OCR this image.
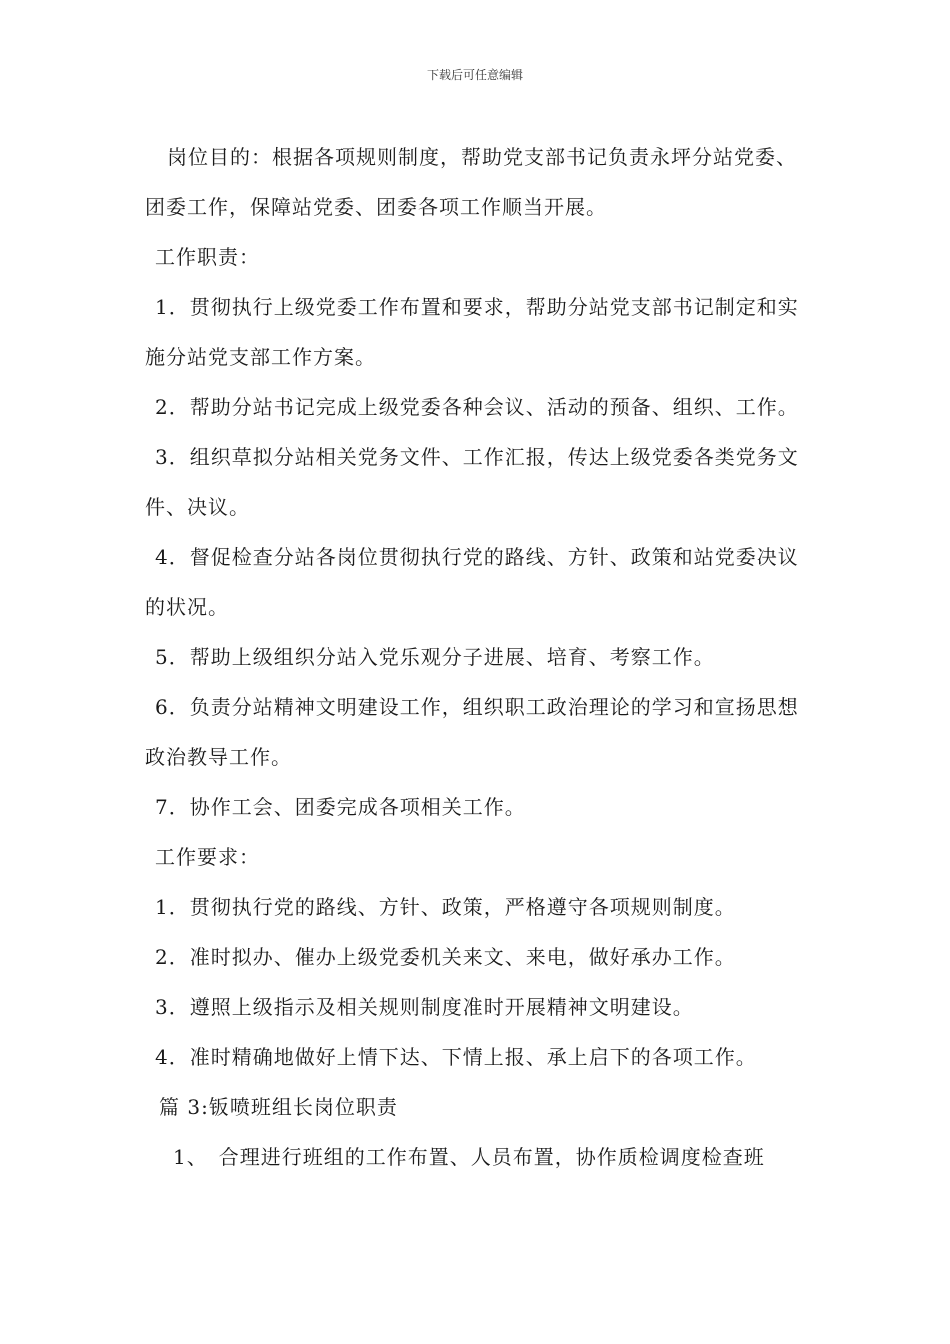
下载后可任意编辑

岗位目的：根据各项规则制度，帮助党支部书记负责永坪分站党委、团委工作，保障站党委、团委各项工作顺当开展。

工作职责：

1．贯彻执行上级党委工作布置和要求，帮助分站党支部书记制定和实施分站党支部工作方案。

2．帮助分站书记完成上级党委各种会议、活动的预备、组织、工作。

3．组织草拟分站相关党务文件、工作汇报，传达上级党委各类党务文件、决议。

4．督促检查分站各岗位贯彻执行党的路线、方针、政策和站党委决议的状况。

5．帮助上级组织分站入党乐观分子进展、培育、考察工作。

6．负责分站精神文明建设工作，组织职工政治理论的学习和宣扬思想政治教导工作。

7．协作工会、团委完成各项相关工作。

工作要求：

1．贯彻执行党的路线、方针、政策，严格遵守各项规则制度。

2．准时拟办、催办上级党委机关来文、来电，做好承办工作。

3．遵照上级指示及相关规则制度准时开展精神文明建设。

4．准时精确地做好上情下达、下情上报、承上启下的各项工作。

篇 3:钣喷班组长岗位职责

1、　合理进行班组的工作布置、人员布置，协作质检调度检查班
